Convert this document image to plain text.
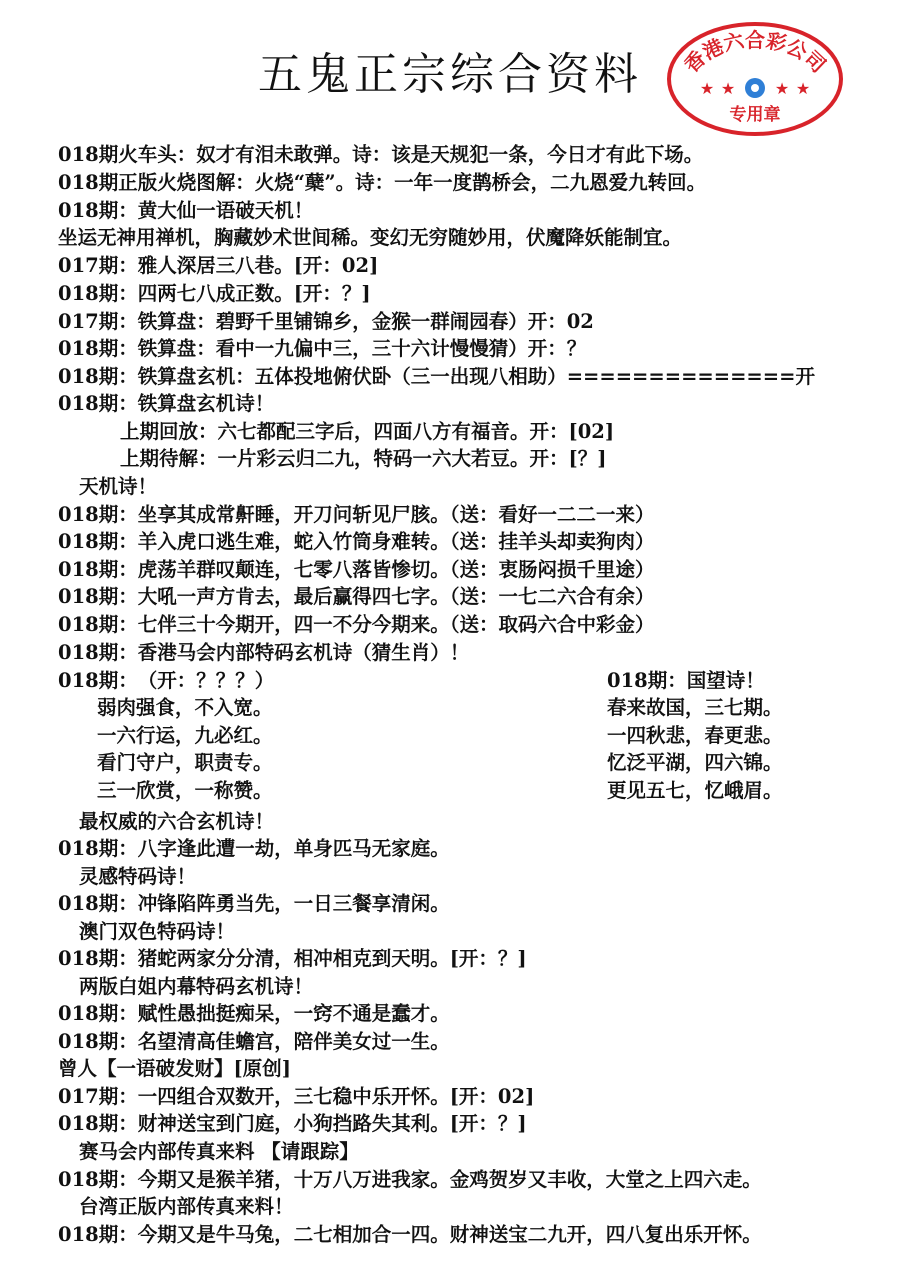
五鬼正宗综合资料	香港六合彩公司
★ ★ ★ ★
专用章
018期火车头：奴才有泪未敢弹。诗：该是天规犯一条，今日才有此下场。
018期正版火烧图解：火烧“蘖”。诗：一年一度鹊桥会，二九恩爱九转回。
018期：黄大仙一语破天机！
坐运无神用禅机，胸藏妙术世间稀。变幻无穷随妙用，伏魔降妖能制宜。
017期：雅人深居三八巷。[开：02]
018期：四两七八成正数。[开：？]
017期：铁算盘：碧野千里铺锦乡，金猴一群闹园春）开：02
018期：铁算盘：看中一九偏中三，三十六计慢慢猜）开：？
018期：铁算盘玄机：五体投地俯伏卧（三一出现八相助）==============开
018期：铁算盘玄机诗！
上期回放：六七都配三字后，四面八方有福音。开：[02]
上期待解：一片彩云归二九，特码一六大若豆。开：[？]
天机诗！
018期：坐享其成常鼾睡，开刀问斩见尸胲。（送：看好一二二一来）
018期：羊入虎口逃生难，蛇入竹筒身难转。（送：挂羊头却卖狗肉）
018期：虎荡羊群叹颠连，七零八落皆惨切。（送：衷肠闷损千里途）
018期：大吼一声方肯去，最后赢得四七字。（送：一七二六合有余）
018期：七伴三十今期开，四一不分今期来。（送：取码六合中彩金）
018期：香港马会内部特码玄机诗（猜生肖）！
018期：　（开：？？？）
弱肉强食，不入宽。
一六行运，九必红。
看门守户，职责专。
三一欣赏，一称赞。
最权威的六合玄机诗！
018期：八字逢此遭一劫，单身匹马无家庭。
灵感特码诗！
018期：冲锋陷阵勇当先，一日三餐享清闲。
澳门双色特码诗！
018期：猪蛇两家分分清，相冲相克到天明。[开：？]
两版白姐内幕特码玄机诗！
018期：赋性愚拙挺痴呆，一窍不通是蠢才。
018期：名望清高佳蟾宫，陪伴美女过一生。
曾人【一语破发财】[原创]
017期：一四组合双数开，三七稳中乐开怀。[开：02]
018期：财神送宝到门庭，小狗挡路失其利。[开：？]
赛马会内部传真来料 【请跟踪】
018期：今期又是猴羊猪，十万八万进我家。金鸡贺岁又丰收，大堂之上四六走。
台湾正版内部传真来料！
018期：今期又是牛马兔，二七相加合一四。财神送宝二九开，四八复出乐开怀。
018期：国望诗！
春来故国，三七期。
一四秋悲，春更悲。
忆泛平湖，四六锦。
更见五七，忆峨眉。
